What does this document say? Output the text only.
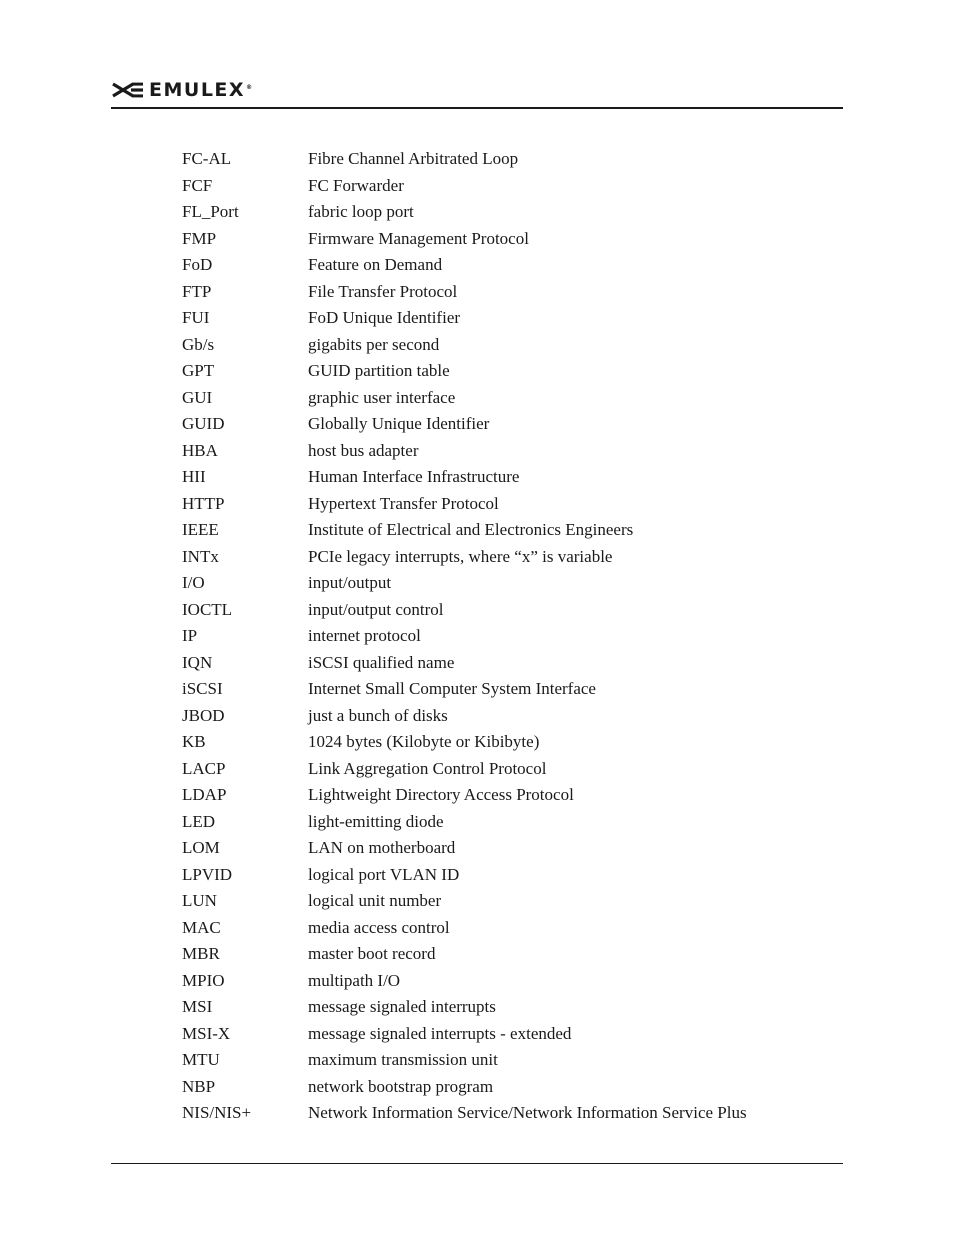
EMULEX®
FC-AL	Fibre Channel Arbitrated Loop
FCF	FC Forwarder
FL_Port	fabric loop port
FMP	Firmware Management Protocol
FoD	Feature on Demand
FTP	File Transfer Protocol
FUI	FoD Unique Identifier
Gb/s	gigabits per second
GPT	GUID partition table
GUI	graphic user interface
GUID	Globally Unique Identifier
HBA	host bus adapter
HII	Human Interface Infrastructure
HTTP	Hypertext Transfer Protocol
IEEE	Institute of Electrical and Electronics Engineers
INTx	PCIe legacy interrupts, where “x” is variable
I/O	input/output
IOCTL	input/output control
IP	internet protocol
IQN	iSCSI qualified name
iSCSI	Internet Small Computer System Interface
JBOD	just a bunch of disks
KB	1024 bytes (Kilobyte or Kibibyte)
LACP	Link Aggregation Control Protocol
LDAP	Lightweight Directory Access Protocol
LED	light-emitting diode
LOM	LAN on motherboard
LPVID	logical port VLAN ID
LUN	logical unit number
MAC	media access control
MBR	master boot record
MPIO	multipath I/O
MSI	message signaled interrupts
MSI-X	message signaled interrupts - extended
MTU	maximum transmission unit
NBP	network bootstrap program
NIS/NIS+	Network Information Service/Network Information Service Plus
